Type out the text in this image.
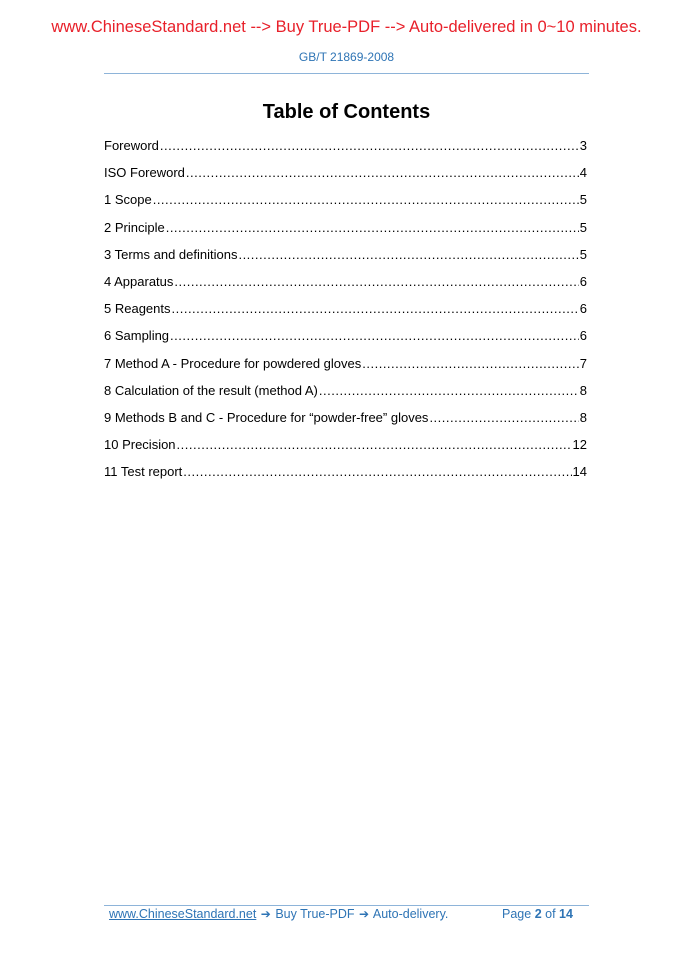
www.ChineseStandard.net --> Buy True-PDF --> Auto-delivered in 0~10 minutes.
GB/T 21869-2008
Table of Contents
Foreword .....	3
ISO Foreword .....	4
1 Scope .....	5
2 Principle .....	5
3 Terms and definitions .....	5
4 Apparatus .....	6
5 Reagents .....	6
6 Sampling .....	6
7 Method A - Procedure for powdered gloves .....	7
8 Calculation of the result (method A) .....	8
9 Methods B and C - Procedure for “powder-free” gloves .....	8
10 Precision .....	12
11 Test report .....	14
www.ChineseStandard.net ➔ Buy True-PDF ➔ Auto-delivery.	Page 2 of 14
